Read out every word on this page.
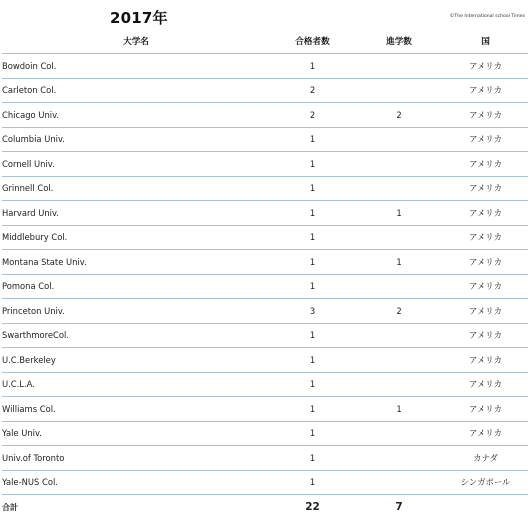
2017年	©The International school Times
大学名	合格者数	進学数	国
Bowdoin Col.	1		アメリカ
Carleton Col.	2		アメリカ
Chicago Univ.	2	2	アメリカ
Columbia Univ.	1		アメリカ
Cornell Univ.	1		アメリカ
Grinnell Col.	1		アメリカ
Harvard Univ.	1	1	アメリカ
Middlebury Col.	1		アメリカ
Montana State Univ.	1	1	アメリカ
Pomona Col.	1		アメリカ
Princeton Univ.	3	2	アメリカ
SwarthmoreCol.	1		アメリカ
U.C.Berkeley	1		アメリカ
U.C.L.A.	1		アメリカ
Williams Col.	1	1	アメリカ
Yale Univ.	1		アメリカ
Univ.of Toronto	1		カナダ
Yale-NUS Col.	1		シンガポール
合計	22	7	
